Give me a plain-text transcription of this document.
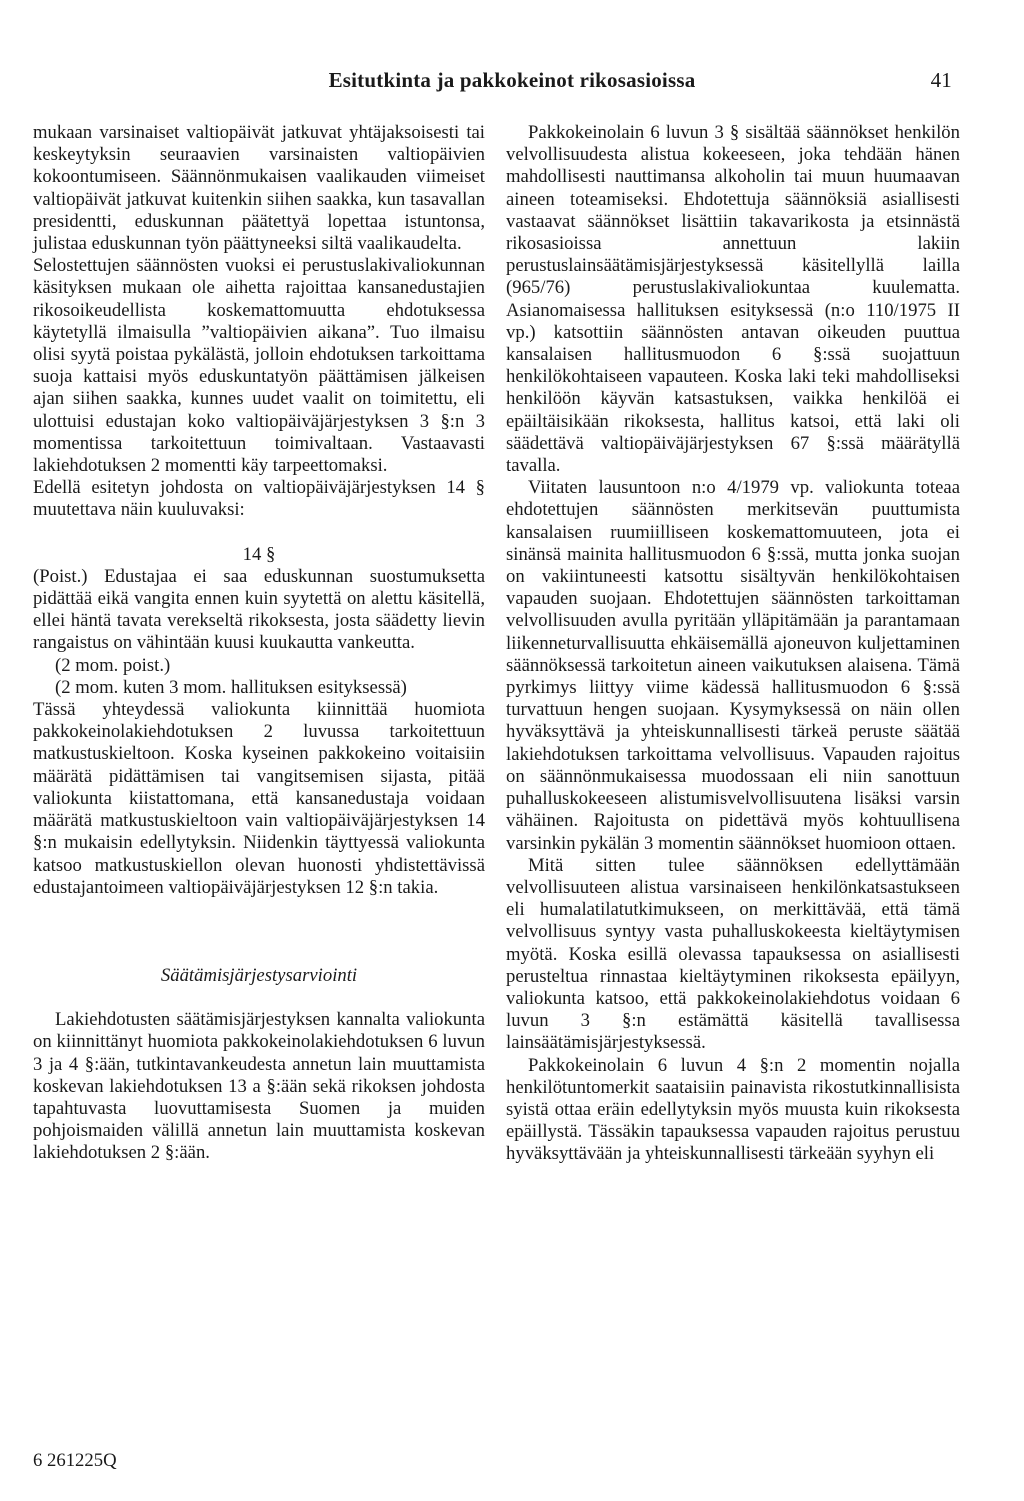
Esitutkinta ja pakkokeinot rikosasioissa	41

mukaan varsinaiset valtiopäivät jatkuvat yhtäjaksoisesti tai keskeytyksin seuraavien varsinaisten valtiopäivien kokoontumiseen. Säännönmukaisen vaalikauden viimeiset valtiopäivät jatkuvat kuitenkin siihen saakka, kun tasavallan presidentti, eduskunnan päätettyä lopettaa istuntonsa, julistaa eduskunnan työn päättyneeksi siltä vaalikaudelta.

Selostettujen säännösten vuoksi ei perustuslakivaliokunnan käsityksen mukaan ole aihetta rajoittaa kansanedustajien rikosoikeudellista koskemattomuutta ehdotuksessa käytetyllä ilmaisulla ”valtiopäivien aikana”. Tuo ilmaisu olisi syytä poistaa pykälästä, jolloin ehdotuksen tarkoittama suoja kattaisi myös eduskuntatyön päättämisen jälkeisen ajan siihen saakka, kunnes uudet vaalit on toimitettu, eli ulottuisi edustajan koko valtiopäiväjärjestyksen 3 §:n 3 momentissa tarkoitettuun toimivaltaan. Vastaavasti lakiehdotuksen 2 momentti käy tarpeettomaksi.

Edellä esitetyn johdosta on valtiopäiväjärjestyksen 14 § muutettava näin kuuluvaksi:

14 §

(Poist.) Edustajaa ei saa eduskunnan suostumuksetta pidättää eikä vangita ennen kuin syytettä on alettu käsitellä, ellei häntä tavata verekseltä rikoksesta, josta säädetty lievin rangaistus on vähintään kuusi kuukautta vankeutta.

(2 mom. poist.)

(2 mom. kuten 3 mom. hallituksen esityksessä)

Tässä yhteydessä valiokunta kiinnittää huomiota pakkokeinolakiehdotuksen 2 luvussa tarkoitettuun matkustuskieltoon. Koska kyseinen pakkokeino voitaisiin määrätä pidättämisen tai vangitsemisen sijasta, pitää valiokunta kiistattomana, että kansanedustaja voidaan määrätä matkustuskieltoon vain valtiopäiväjärjestyksen 14 §:n mukaisin edellytyksin. Niidenkin täyttyessä valiokunta katsoo matkustuskiellon olevan huonosti yhdistettävissä edustajantoimeen valtiopäiväjärjestyksen 12 §:n takia.

Säätämisjärjestysarviointi

Lakiehdotusten säätämisjärjestyksen kannalta valiokunta on kiinnittänyt huomiota pakkokeinolakiehdotuksen 6 luvun 3 ja 4 §:ään, tutkintavankeudesta annetun lain muuttamista koskevan lakiehdotuksen 13 a §:ään sekä rikoksen johdosta tapahtuvasta luovuttamisesta Suomen ja muiden pohjoismaiden välillä annetun lain muuttamista koskevan lakiehdotuksen 2 §:ään.

Pakkokeinolain 6 luvun 3 § sisältää säännökset henkilön velvollisuudesta alistua kokeeseen, joka tehdään hänen mahdollisesti nauttimansa alkoholin tai muun huumaavan aineen toteamiseksi. Ehdotettuja säännöksiä asiallisesti vastaavat säännökset lisättiin takavarikosta ja etsinnästä rikosasioissa annettuun lakiin perustuslainsäätämisjärjestyksessä käsitellyllä lailla (965/76) perustuslakivaliokuntaa kuulematta. Asianomaisessa hallituksen esityksessä (n:o 110/1975 II vp.) katsottiin säännösten antavan oikeuden puuttua kansalaisen hallitusmuodon 6 §:ssä suojattuun henkilökohtaiseen vapauteen. Koska laki teki mahdolliseksi henkilöön käyvän katsastuksen, vaikka henkilöä ei epäiltäisikään rikoksesta, hallitus katsoi, että laki oli säädettävä valtiopäiväjärjestyksen 67 §:ssä määrätyllä tavalla.

Viitaten lausuntoon n:o 4/1979 vp. valiokunta toteaa ehdotettujen säännösten merkitsevän puuttumista kansalaisen ruumiilliseen koskemattomuuteen, jota ei sinänsä mainita hallitusmuodon 6 §:ssä, mutta jonka suojan on vakiintuneesti katsottu sisältyvän henkilökohtaisen vapauden suojaan. Ehdotettujen säännösten tarkoittaman velvollisuuden avulla pyritään ylläpitämään ja parantamaan liikenneturvallisuutta ehkäisemällä ajoneuvon kuljettaminen säännöksessä tarkoitetun aineen vaikutuksen alaisena. Tämä pyrkimys liittyy viime kädessä hallitusmuodon 6 §:ssä turvattuun hengen suojaan. Kysymyksessä on näin ollen hyväksyttävä ja yhteiskunnallisesti tärkeä peruste säätää lakiehdotuksen tarkoittama velvollisuus. Vapauden rajoitus on säännönmukaisessa muodossaan eli niin sanottuun puhalluskokeeseen alistumisvelvollisuutena lisäksi varsin vähäinen. Rajoitusta on pidettävä myös kohtuullisena varsinkin pykälän 3 momentin säännökset huomioon ottaen.

Mitä sitten tulee säännöksen edellyttämään velvollisuuteen alistua varsinaiseen henkilönkatsastukseen eli humalatilatutkimukseen, on merkittävää, että tämä velvollisuus syntyy vasta puhalluskokeesta kieltäytymisen myötä. Koska esillä olevassa tapauksessa on asiallisesti perusteltua rinnastaa kieltäytyminen rikoksesta epäilyyn, valiokunta katsoo, että pakkokeinolakiehdotus voidaan 6 luvun 3 §:n estämättä käsitellä tavallisessa lainsäätämisjärjestyksessä.

Pakkokeinolain 6 luvun 4 §:n 2 momentin nojalla henkilötuntomerkit saataisiin painavista rikostutkinnallisista syistä ottaa eräin edellytyksin myös muusta kuin rikoksesta epäillystä. Tässäkin tapauksessa vapauden rajoitus perustuu hyväksyttävään ja yhteiskunnallisesti tärkeään syyhyn eli

6 261225Q
